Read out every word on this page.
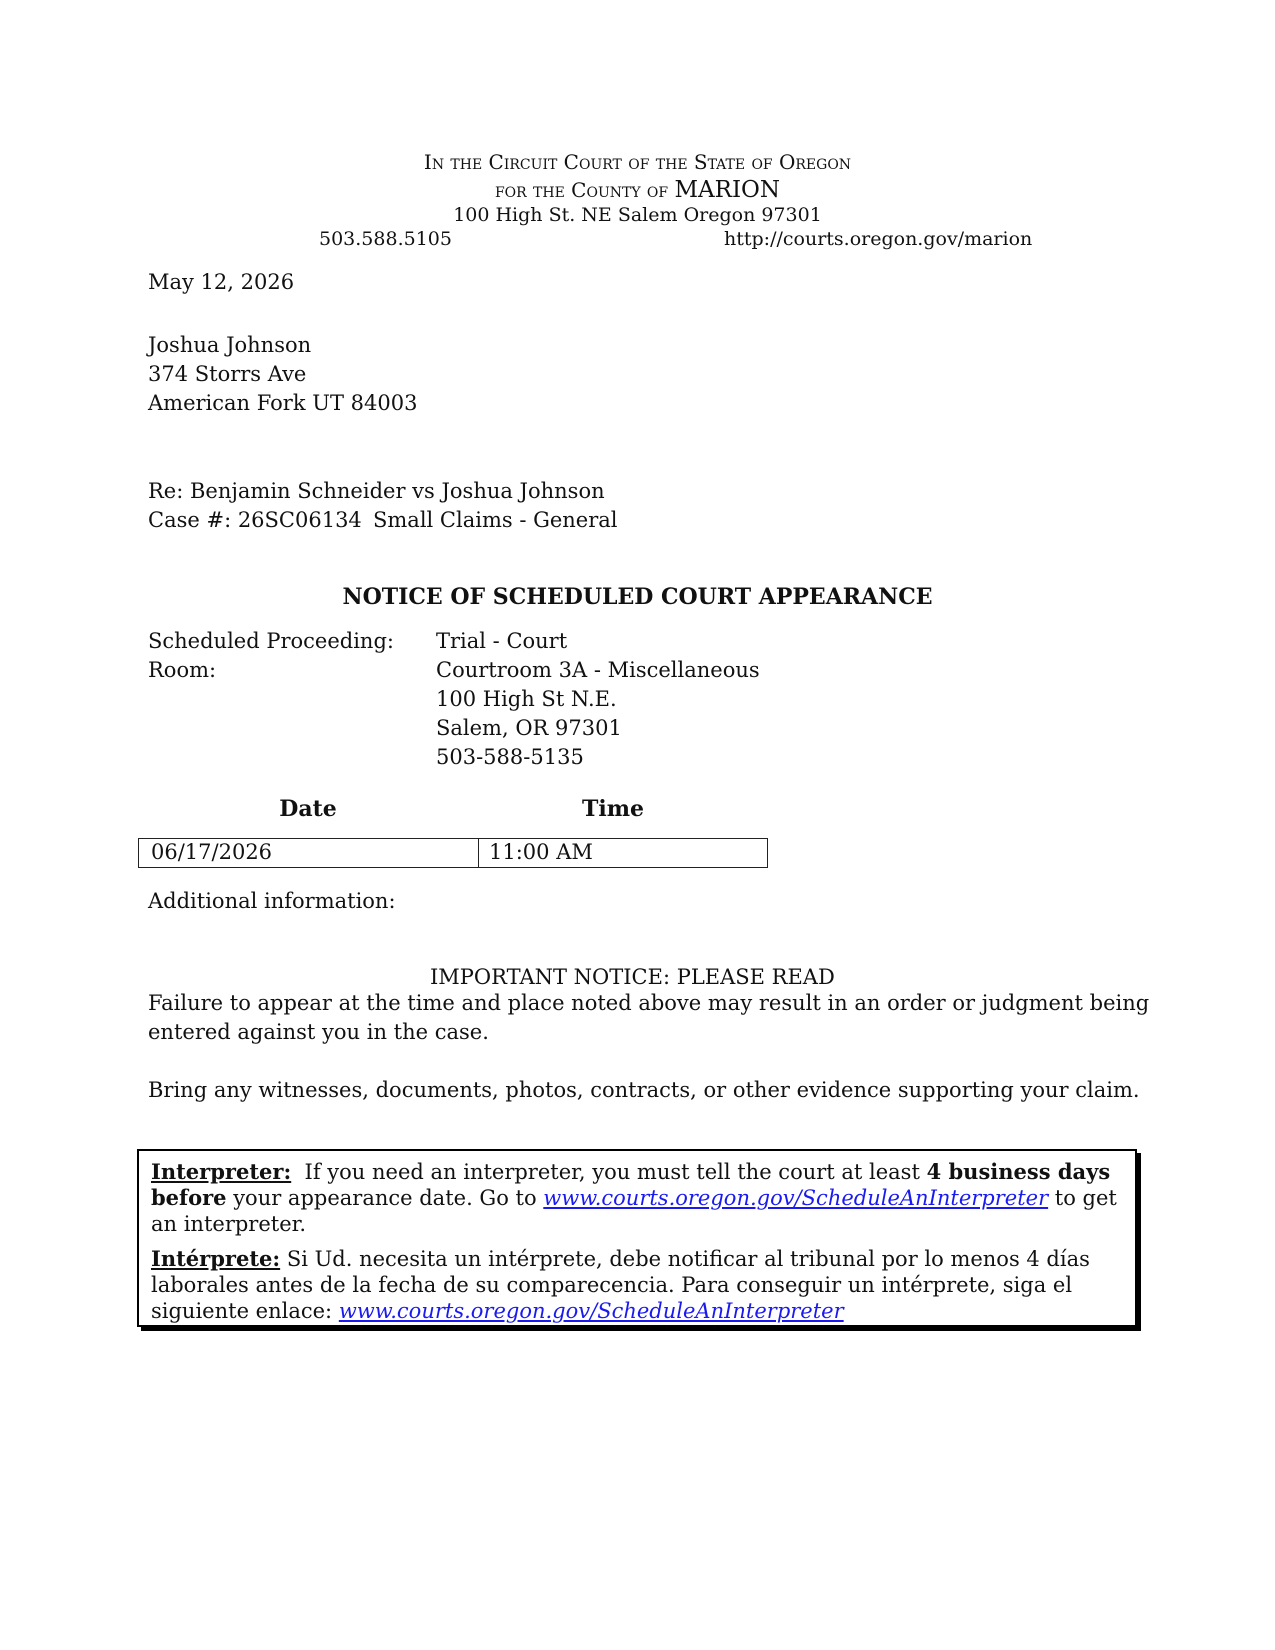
In the Circuit Court of the State of Oregon
for the County of MARION
100 High St. NE Salem Oregon 97301
503.588.5105	http://courts.oregon.gov/marion
May 12, 2026
Joshua Johnson
374 Storrs Ave
American Fork UT 84003
Re: Benjamin Schneider vs Joshua Johnson
Case #: 26SC06134 Small Claims - General
NOTICE OF SCHEDULED COURT APPEARANCE
Scheduled Proceeding: Trial - Court
Room:	Courtroom 3A - Miscellaneous
100 High St N.E.
Salem, OR 97301
503-588-5135
Date	Time
06/17/2026	11:00 AM
Additional information:
IMPORTANT NOTICE: PLEASE READ
Failure to appear at the time and place noted above may result in an order or judgment being
entered against you in the case.
Bring any witnesses, documents, photos, contracts, or other evidence supporting your claim.

Interpreter:  If you need an interpreter, you must tell the court at least 4 business days before your appearance date. Go to www.courts.oregon.gov/ScheduleAnInterpreter to get an interpreter.

Intérprete: Si Ud. necesita un intérprete, debe notificar al tribunal por lo menos 4 días laborales antes de la fecha de su comparecencia. Para conseguir un intérprete, siga el siguiente enlace: www.courts.oregon.gov/ScheduleAnInterpreter
